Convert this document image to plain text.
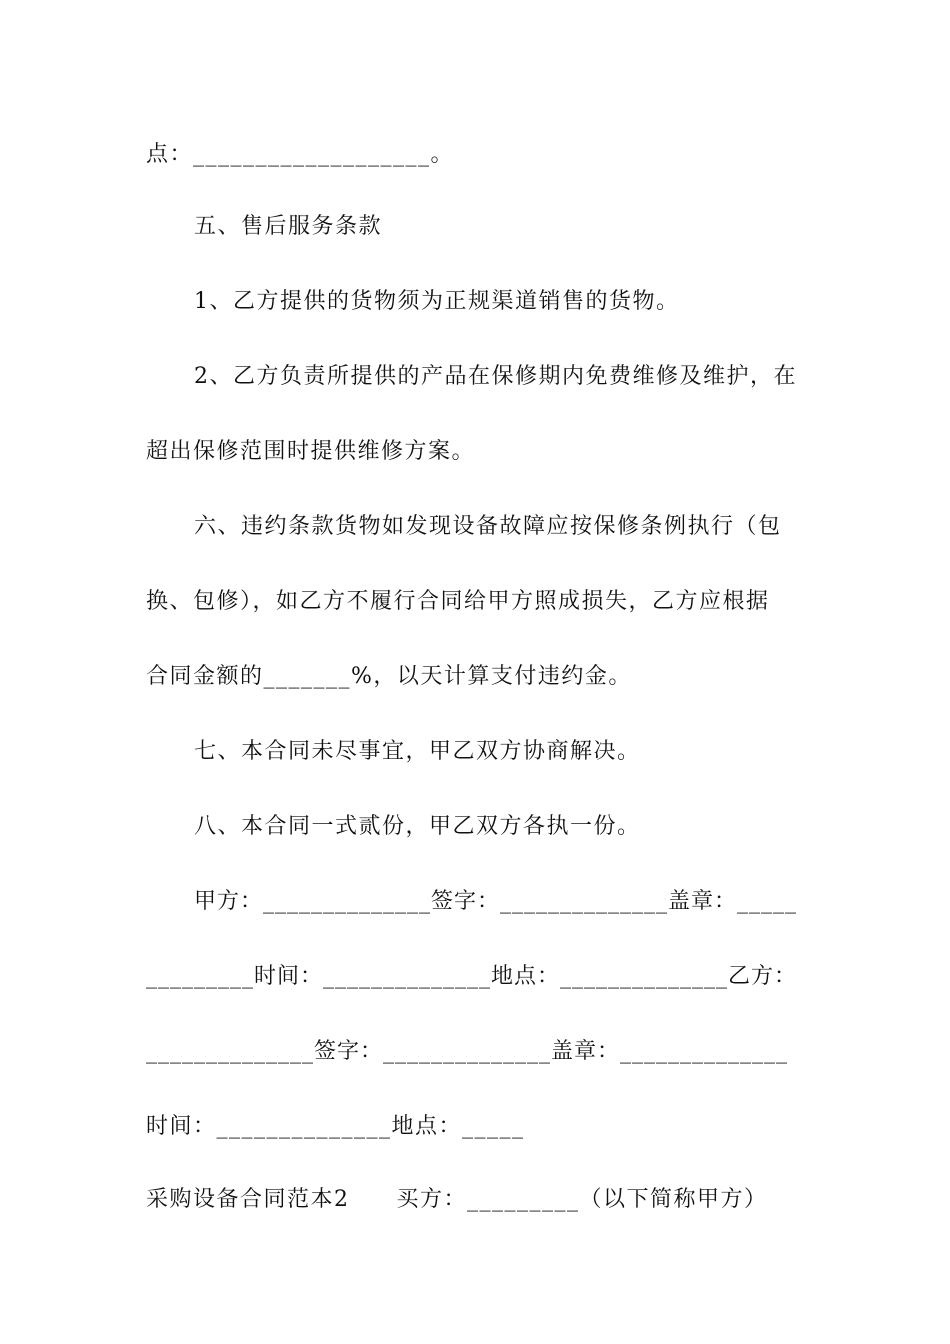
点：___________________。
五、售后服务条款
1、乙方提供的货物须为正规渠道销售的货物。
2、乙方负责所提供的产品在保修期内免费维修及维护，在
超出保修范围时提供维修方案。
六、违约条款货物如发现设备故障应按保修条例执行（包
换、包修），如乙方不履行合同给甲方照成损失，乙方应根据
合同金额的_______%，以天计算支付违约金。
七、本合同未尽事宜，甲乙双方协商解决。
八、本合同一式贰份，甲乙双方各执一份。
甲方：______________签字：______________盖章：_____
_________时间：______________地点：______________乙方：
______________签字：______________盖章：______________
时间：______________地点：_____
采购设备合同范本2　　买方：_________（以下简称甲方）
